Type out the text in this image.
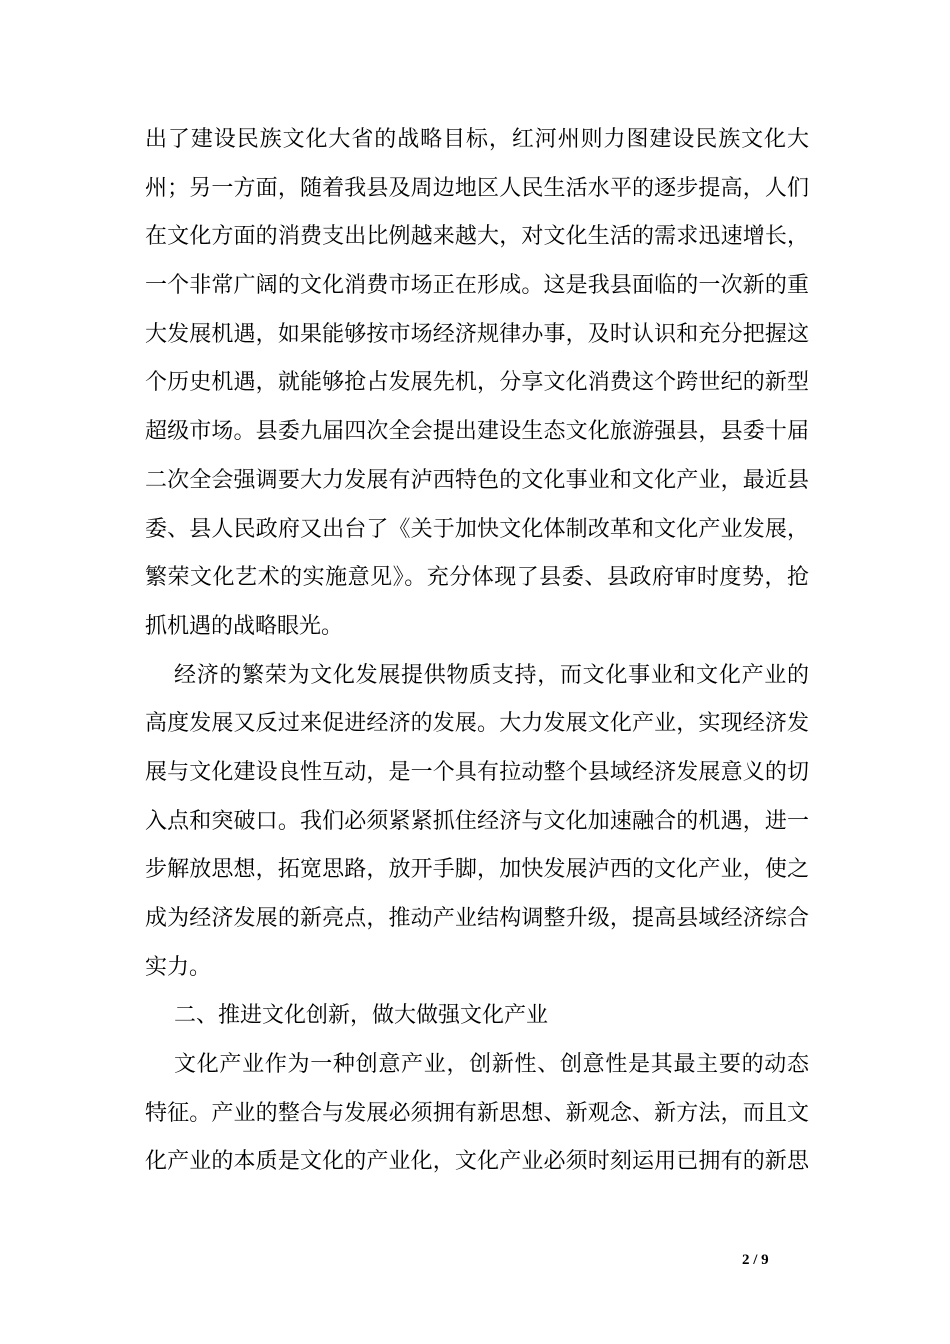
出了建设民族文化大省的战略目标，红河州则力图建设民族文化大
州；另一方面，随着我县及周边地区人民生活水平的逐步提高，人们
在文化方面的消费支出比例越来越大，对文化生活的需求迅速增长，
一个非常广阔的文化消费市场正在形成。这是我县面临的一次新的重
大发展机遇，如果能够按市场经济规律办事，及时认识和充分把握这
个历史机遇，就能够抢占发展先机，分享文化消费这个跨世纪的新型
超级市场。县委九届四次全会提出建设生态文化旅游强县，县委十届
二次全会强调要大力发展有泸西特色的文化事业和文化产业，最近县
委、县人民政府又出台了《关于加快文化体制改革和文化产业发展，
繁荣文化艺术的实施意见》。充分体现了县委、县政府审时度势，抢
抓机遇的战略眼光。
经济的繁荣为文化发展提供物质支持，而文化事业和文化产业的
高度发展又反过来促进经济的发展。大力发展文化产业，实现经济发
展与文化建设良性互动，是一个具有拉动整个县域经济发展意义的切
入点和突破口。我们必须紧紧抓住经济与文化加速融合的机遇，进一
步解放思想，拓宽思路，放开手脚，加快发展泸西的文化产业，使之
成为经济发展的新亮点，推动产业结构调整升级，提高县域经济综合
实力。
二、推进文化创新，做大做强文化产业
文化产业作为一种创意产业，创新性、创意性是其最主要的动态
特征。产业的整合与发展必须拥有新思想、新观念、新方法，而且文
化产业的本质是文化的产业化，文化产业必须时刻运用已拥有的新思
2 / 9
